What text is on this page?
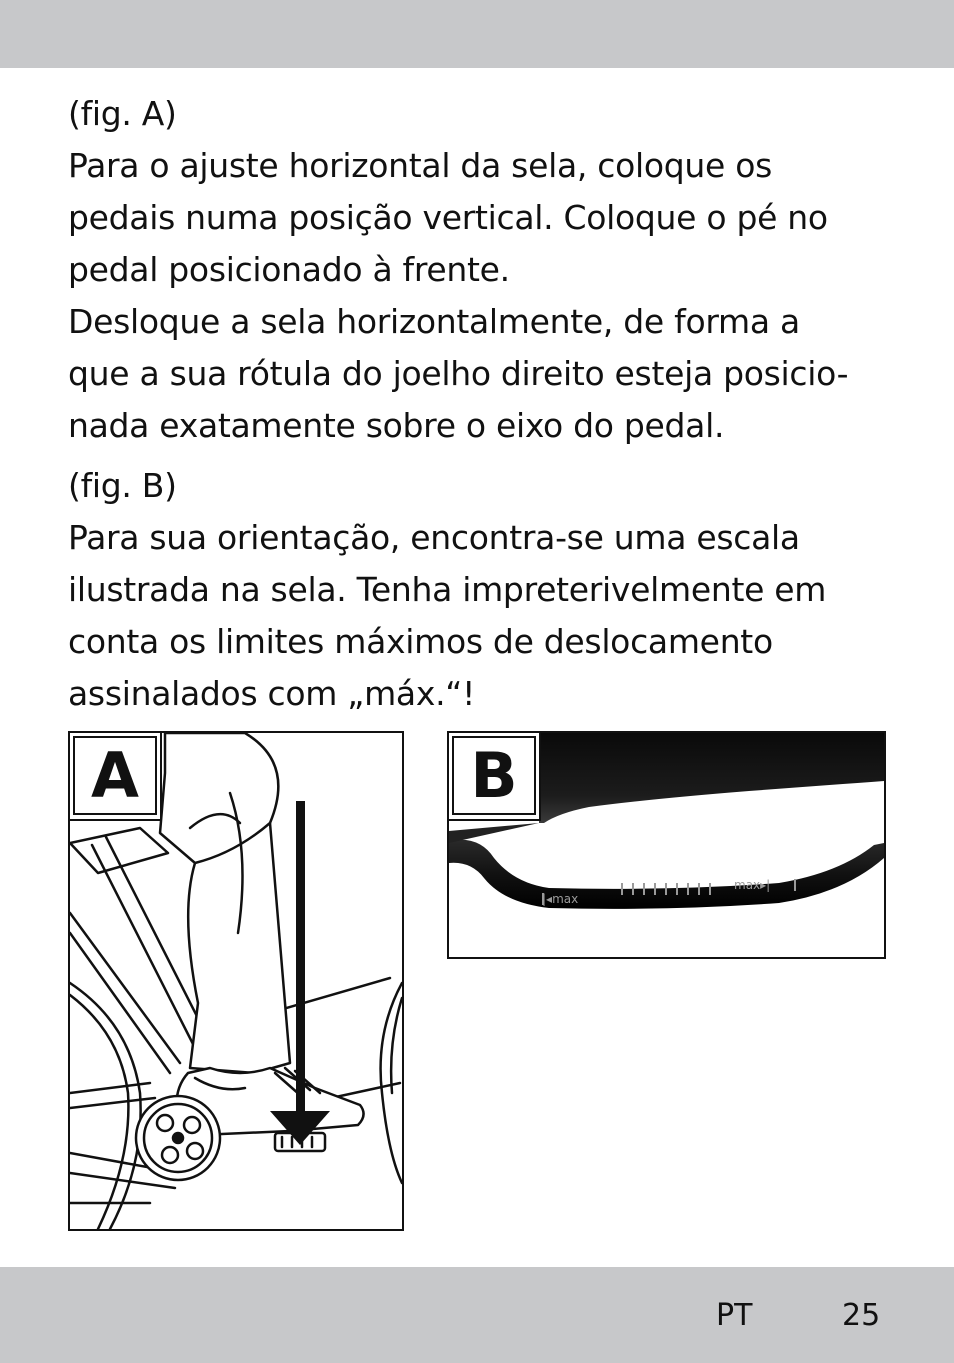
(fig. A)
Para o ajuste horizontal da sela, coloque os
pedais numa posição vertical. Coloque o pé no
pedal posicionado à frente.
Desloque a sela horizontalmente, de forma a
que a sua rótula do joelho direito esteja posicio-
nada exatamente sobre o eixo do pedal.
(fig. B)
Para sua orientação, encontra-se uma escala
ilustrada na sela. Tenha impreterivelmente em
conta os limites máximos de deslocamento
assinalados com „máx.“!
A
|◂max
max▸|
B
PT	25
